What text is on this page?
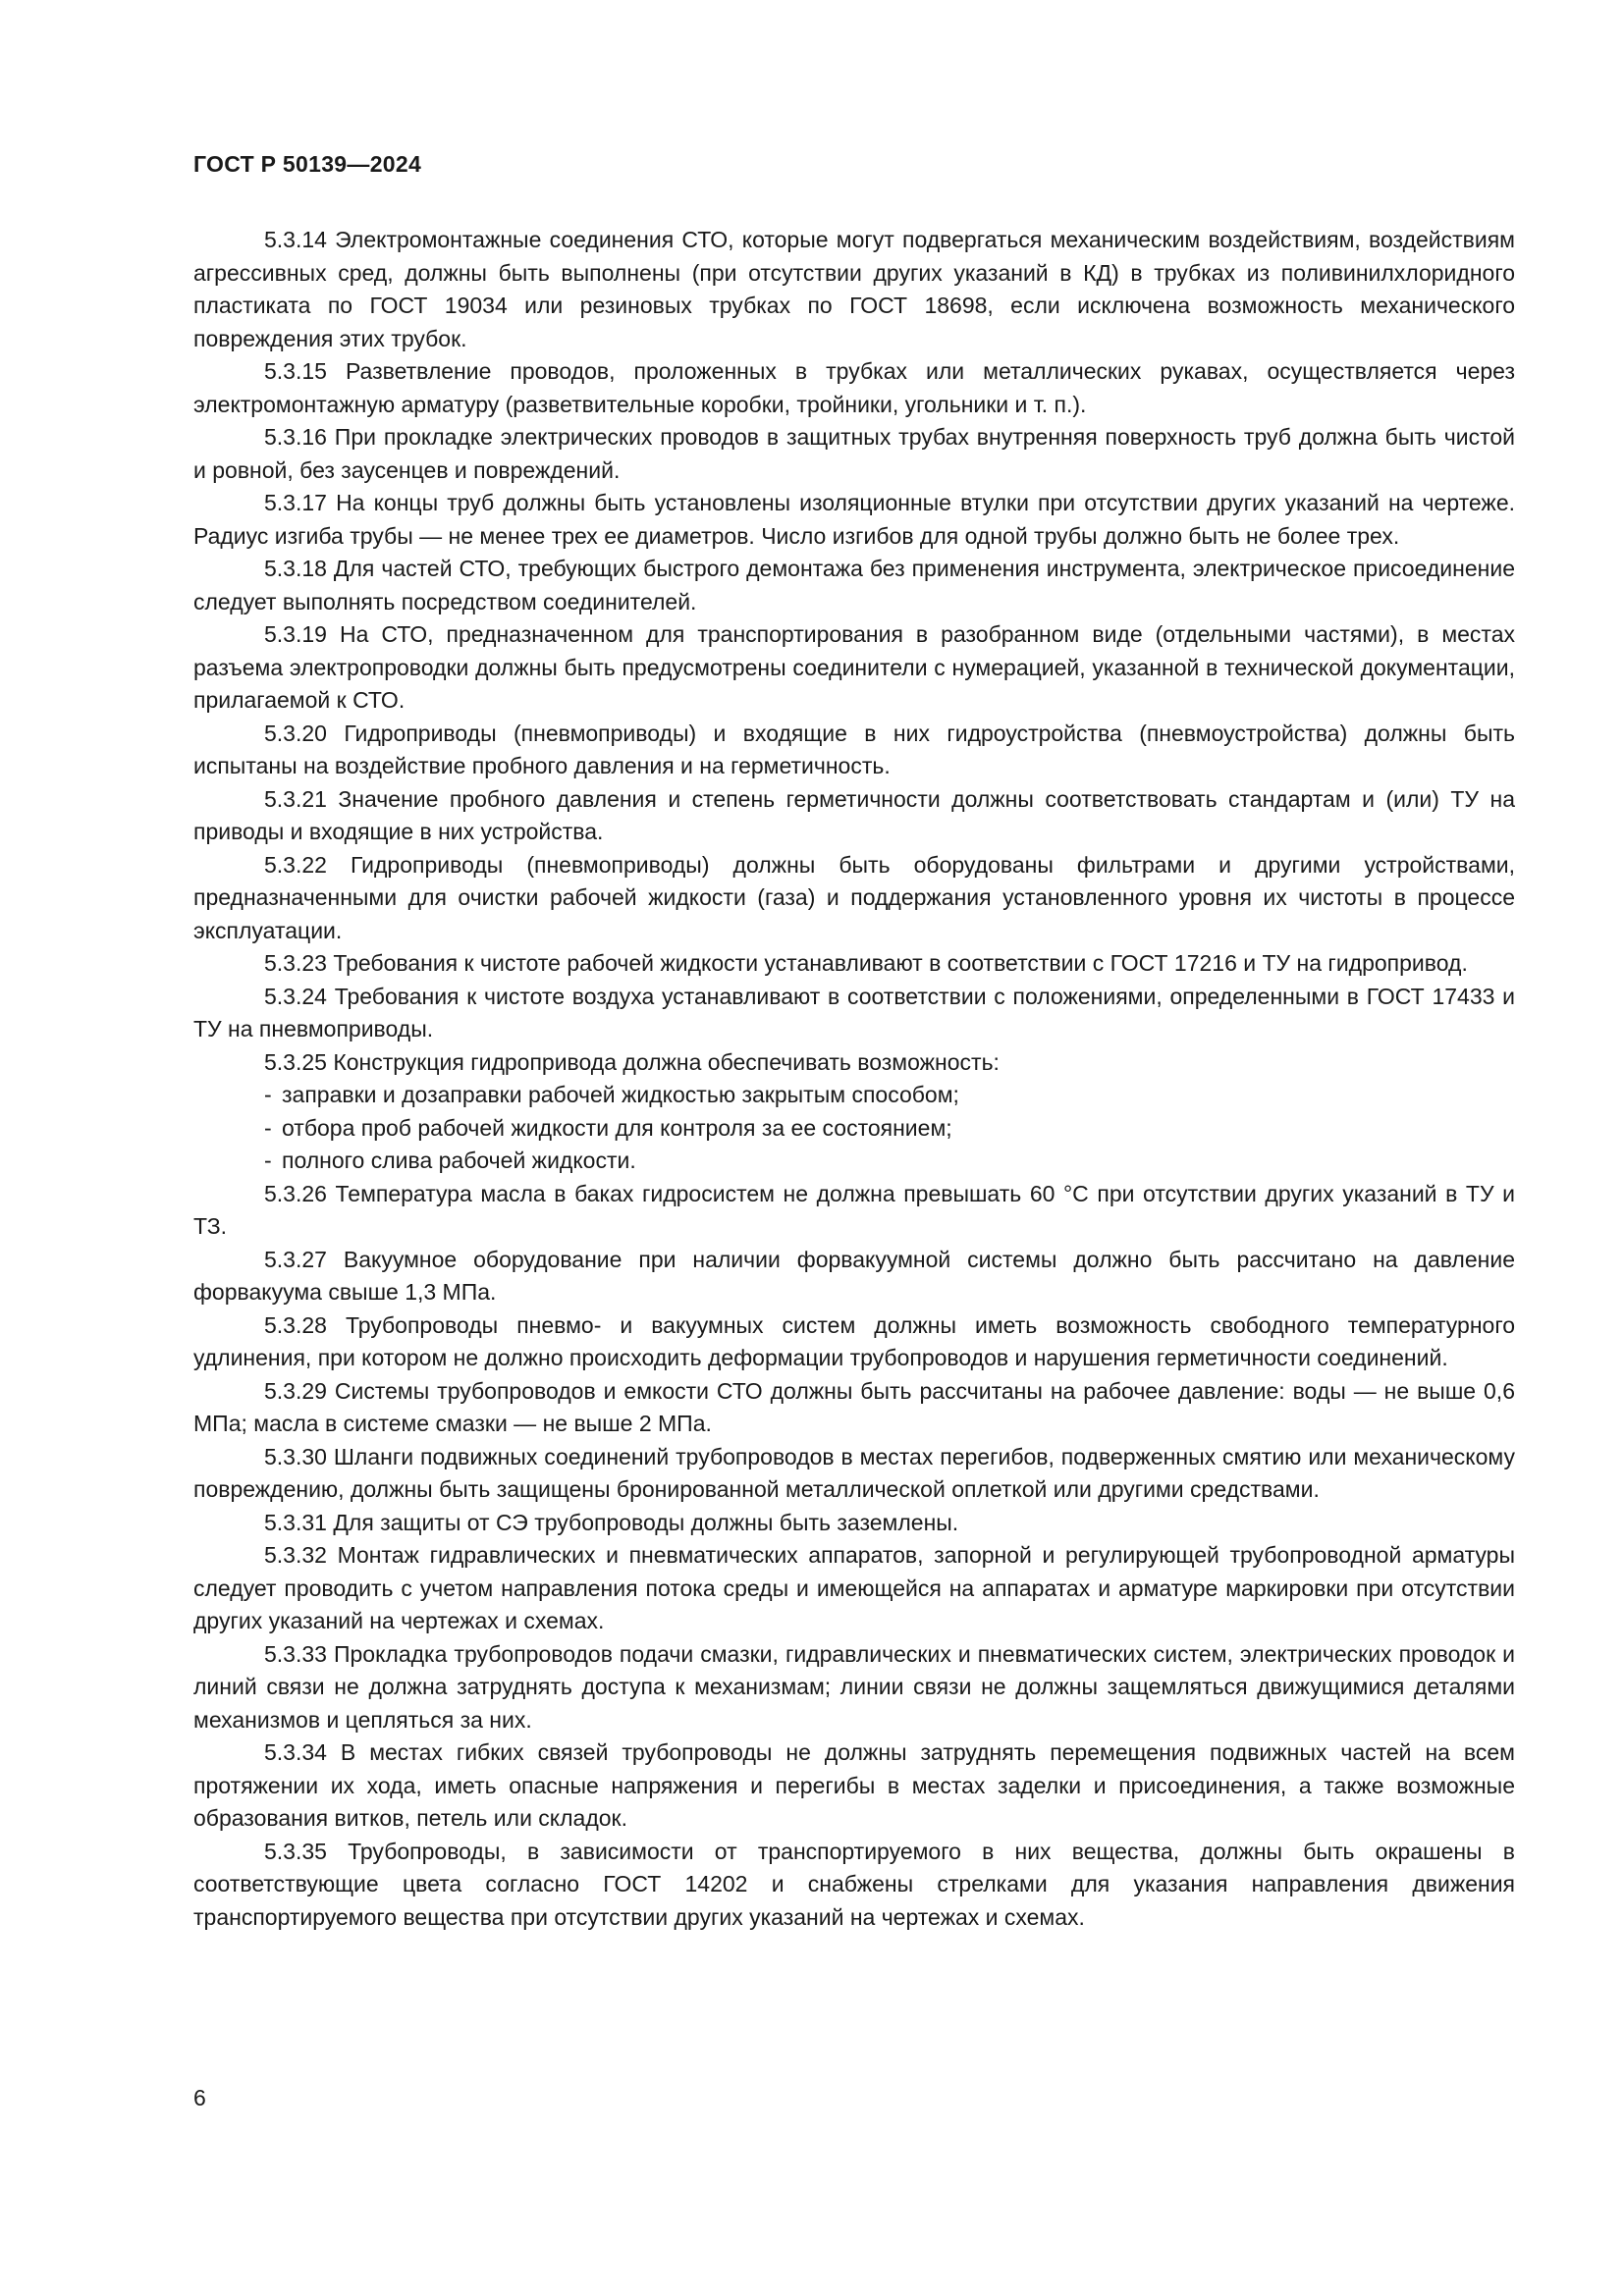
ГОСТ Р 50139—2024

5.3.14 Электромонтажные соединения СТО, которые могут подвергаться механическим воздействиям, воздействиям агрессивных сред, должны быть выполнены (при отсутствии других указаний в КД) в трубках из поливинилхлоридного пластиката по ГОСТ 19034 или резиновых трубках по ГОСТ 18698, если исключена возможность механического повреждения этих трубок.

5.3.15 Разветвление проводов, проложенных в трубках или металлических рукавах, осуществляется через электромонтажную арматуру (разветвительные коробки, тройники, угольники и т. п.).

5.3.16 При прокладке электрических проводов в защитных трубах внутренняя поверхность труб должна быть чистой и ровной, без заусенцев и повреждений.

5.3.17 На концы труб должны быть установлены изоляционные втулки при отсутствии других указаний на чертеже. Радиус изгиба трубы — не менее трех ее диаметров. Число изгибов для одной трубы должно быть не более трех.

5.3.18 Для частей СТО, требующих быстрого демонтажа без применения инструмента, электрическое присоединение следует выполнять посредством соединителей.

5.3.19 На СТО, предназначенном для транспортирования в разобранном виде (отдельными частями), в местах разъема электропроводки должны быть предусмотрены соединители с нумерацией, указанной в технической документации, прилагаемой к СТО.

5.3.20 Гидроприводы (пневмоприводы) и входящие в них гидроустройства (пневмоустройства) должны быть испытаны на воздействие пробного давления и на герметичность.

5.3.21 Значение пробного давления и степень герметичности должны соответствовать стандартам и (или) ТУ на приводы и входящие в них устройства.

5.3.22 Гидроприводы (пневмоприводы) должны быть оборудованы фильтрами и другими устройствами, предназначенными для очистки рабочей жидкости (газа) и поддержания установленного уровня их чистоты в процессе эксплуатации.

5.3.23 Требования к чистоте рабочей жидкости устанавливают в соответствии с ГОСТ 17216 и ТУ на гидропривод.

5.3.24 Требования к чистоте воздуха устанавливают в соответствии с положениями, определенными в ГОСТ 17433 и ТУ на пневмоприводы.

5.3.25 Конструкция гидропривода должна обеспечивать возможность:

- заправки и дозаправки рабочей жидкостью закрытым способом;
- отбора проб рабочей жидкости для контроля за ее состоянием;
- полного слива рабочей жидкости.

5.3.26 Температура масла в баках гидросистем не должна превышать 60 °С при отсутствии других указаний в ТУ и ТЗ.

5.3.27 Вакуумное оборудование при наличии форвакуумной системы должно быть рассчитано на давление форвакуума свыше 1,3 МПа.

5.3.28 Трубопроводы пневмо- и вакуумных систем должны иметь возможность свободного температурного удлинения, при котором не должно происходить деформации трубопроводов и нарушения герметичности соединений.

5.3.29 Системы трубопроводов и емкости СТО должны быть рассчитаны на рабочее давление: воды — не выше 0,6 МПа; масла в системе смазки — не выше 2 МПа.

5.3.30 Шланги подвижных соединений трубопроводов в местах перегибов, подверженных смятию или механическому повреждению, должны быть защищены бронированной металлической оплеткой или другими средствами.

5.3.31 Для защиты от СЭ трубопроводы должны быть заземлены.

5.3.32 Монтаж гидравлических и пневматических аппаратов, запорной и регулирующей трубопроводной арматуры следует проводить с учетом направления потока среды и имеющейся на аппаратах и арматуре маркировки при отсутствии других указаний на чертежах и схемах.

5.3.33 Прокладка трубопроводов подачи смазки, гидравлических и пневматических систем, электрических проводок и линий связи не должна затруднять доступа к механизмам; линии связи не должны защемляться движущимися деталями механизмов и цепляться за них.

5.3.34 В местах гибких связей трубопроводы не должны затруднять перемещения подвижных частей на всем протяжении их хода, иметь опасные напряжения и перегибы в местах заделки и присоединения, а также возможные образования витков, петель или складок.

5.3.35 Трубопроводы, в зависимости от транспортируемого в них вещества, должны быть окрашены в соответствующие цвета согласно ГОСТ 14202 и снабжены стрелками для указания направления движения транспортируемого вещества при отсутствии других указаний на чертежах и схемах.

6
